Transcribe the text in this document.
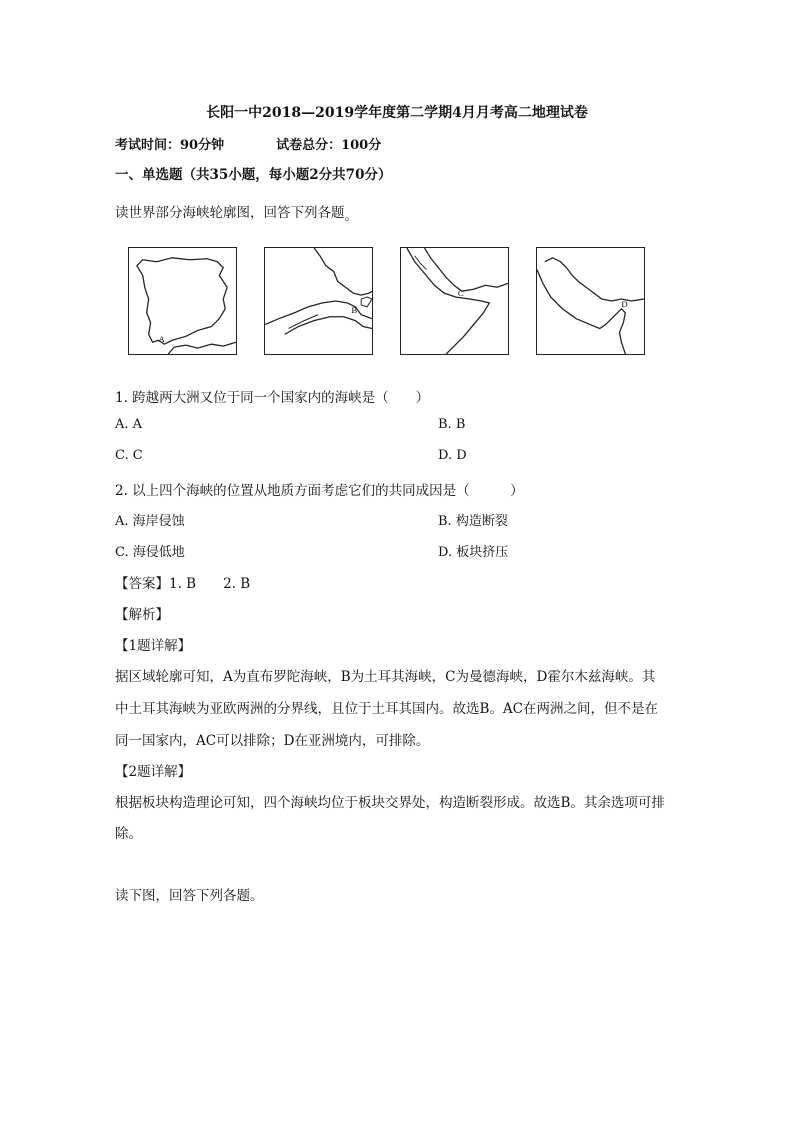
长阳一中2018—2019学年度第二学期4月月考高二地理试卷
考试时间：90分钟	试卷总分：100分
一、单选题（共35小题，每小题2分共70分）
读世界部分海峡轮廓图，回答下列各题。
A
B
C
D
1. 跨越两大洲又位于同一个国家内的海峡是（　　）
A. A	B. B
C. C	D. D
2. 以上四个海峡的位置从地质方面考虑它们的共同成因是（　　　）
A. 海岸侵蚀	B. 构造断裂
C. 海侵低地	D. 板块挤压
【答案】1. B　　2. B
【解析】
【1题详解】
据区域轮廓可知，A为直布罗陀海峡，B为土耳其海峡，C为曼德海峡，D霍尔木兹海峡。其
中土耳其海峡为亚欧两洲的分界线，且位于土耳其国内。故选B。AC在两洲之间，但不是在
同一国家内，AC可以排除；D在亚洲境内，可排除。
【2题详解】
根据板块构造理论可知，四个海峡均位于板块交界处，构造断裂形成。故选B。其余选项可排
除。
读下图，回答下列各题。
